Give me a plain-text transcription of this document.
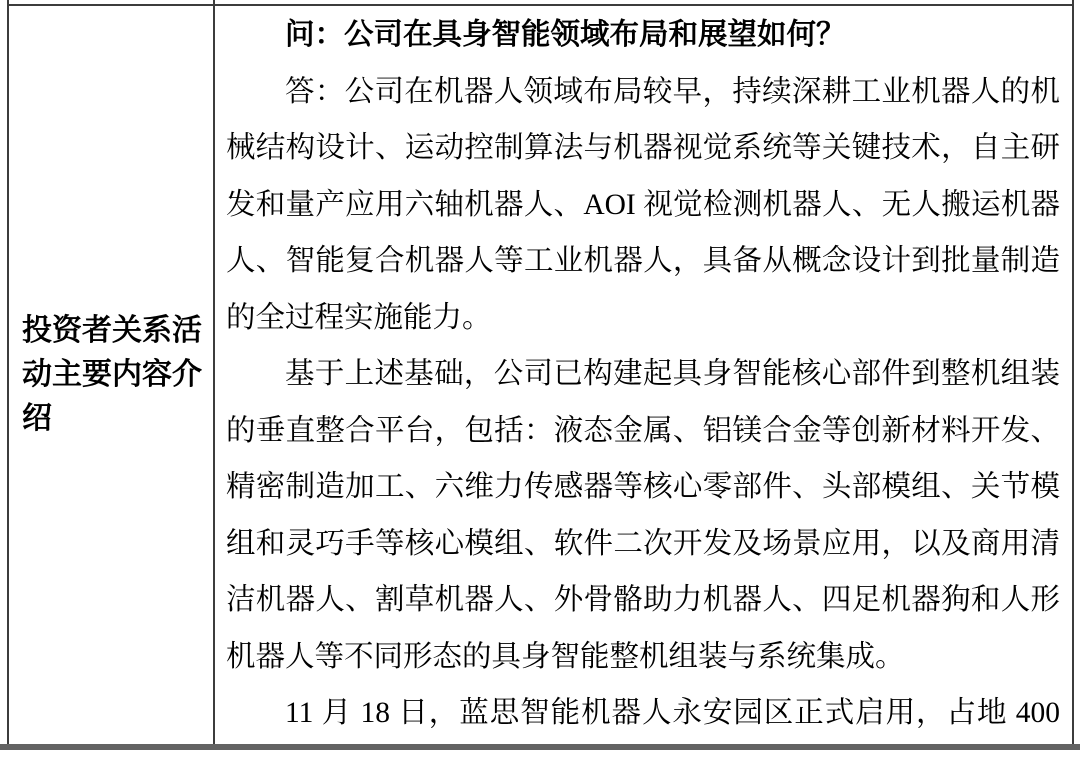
投资者关系活动主要内容介绍
问：公司在具身智能领域布局和展望如何？
答：公司在机器人领域布局较早，持续深耕工业机器人的机
械结构设计、运动控制算法与机器视觉系统等关键技术，自主研
发和量产应用六轴机器人、AOI 视觉检测机器人、无人搬运机器
人、智能复合机器人等工业机器人，具备从概念设计到批量制造
的全过程实施能力。
基于上述基础，公司已构建起具身智能核心部件到整机组装
的垂直整合平台，包括：液态金属、铝镁合金等创新材料开发、
精密制造加工、六维力传感器等核心零部件、头部模组、关节模
组和灵巧手等核心模组、软件二次开发及场景应用，以及商用清
洁机器人、割草机器人、外骨骼助力机器人、四足机器狗和人形
机器人等不同形态的具身智能整机组装与系统集成。
11 月 18 日，蓝思智能机器人永安园区正式启用，占地 400
